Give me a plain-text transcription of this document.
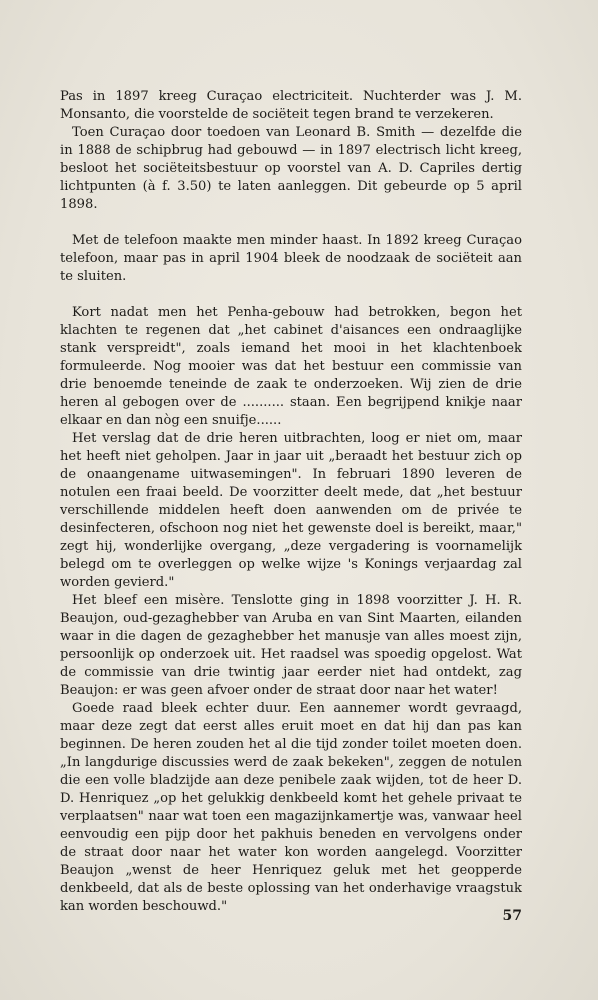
Pas in 1897 kreeg Curaçao electriciteit. Nuchterder was J. M. Monsanto, die voorstelde de sociëteit tegen brand te verzekeren.

Toen Curaçao door toedoen van Leonard B. Smith — dezelfde die in 1888 de schipbrug had gebouwd — in 1897 electrisch licht kreeg, besloot het sociëteitsbestuur op voorstel van A. D. Capriles dertig lichtpunten (à f. 3.50) te laten aanleggen. Dit gebeurde op 5 april 1898.

Met de telefoon maakte men minder haast. In 1892 kreeg Curaçao telefoon, maar pas in april 1904 bleek de noodzaak de sociëteit aan te sluiten.

Kort nadat men het Penha-gebouw had betrokken, begon het klachten te regenen dat „het cabinet d'aisances een ondraaglijke stank verspreidt", zoals iemand het mooi in het klachtenboek formuleerde. Nog mooier was dat het bestuur een commissie van drie benoemde teneinde de zaak te onderzoeken. Wij zien de drie heren al gebogen over de .......... staan. Een begrijpend knikje naar elkaar en dan nòg een snuifje......

Het verslag dat de drie heren uitbrachten, loog er niet om, maar het heeft niet geholpen. Jaar in jaar uit „beraadt het bestuur zich op de onaangename uitwasemingen". In februari 1890 leveren de notulen een fraai beeld. De voorzitter deelt mede, dat „het bestuur verschillende middelen heeft doen aanwenden om de privée te desinfecteren, ofschoon nog niet het gewenste doel is bereikt, maar," zegt hij, wonderlijke overgang, „deze vergadering is voornamelijk belegd om te overleggen op welke wijze 's Konings verjaardag zal worden gevierd."

Het bleef een misère. Tenslotte ging in 1898 voorzitter J. H. R. Beaujon, oud-gezaghebber van Aruba en van Sint Maarten, eilanden waar in die dagen de gezaghebber het manusje van alles moest zijn, persoonlijk op onderzoek uit. Het raadsel was spoedig opgelost. Wat de commissie van drie twintig jaar eerder niet had ontdekt, zag Beaujon: er was geen afvoer onder de straat door naar het water!

Goede raad bleek echter duur. Een aannemer wordt gevraagd, maar deze zegt dat eerst alles eruit moet en dat hij dan pas kan beginnen. De heren zouden het al die tijd zonder toilet moeten doen. „In langdurige discussies werd de zaak bekeken", zeggen de notulen die een volle bladzijde aan deze penibele zaak wijden, tot de heer D. D. Henriquez „op het gelukkig denkbeeld komt het gehele privaat te verplaatsen" naar wat toen een magazijnkamertje was, vanwaar heel eenvoudig een pijp door het pakhuis beneden en vervolgens onder de straat door naar het water kon worden aangelegd. Voorzitter Beaujon „wenst de heer Henriquez geluk met het geopperde denkbeeld, dat als de beste oplossing van het onderhavige vraagstuk kan worden beschouwd."

57
